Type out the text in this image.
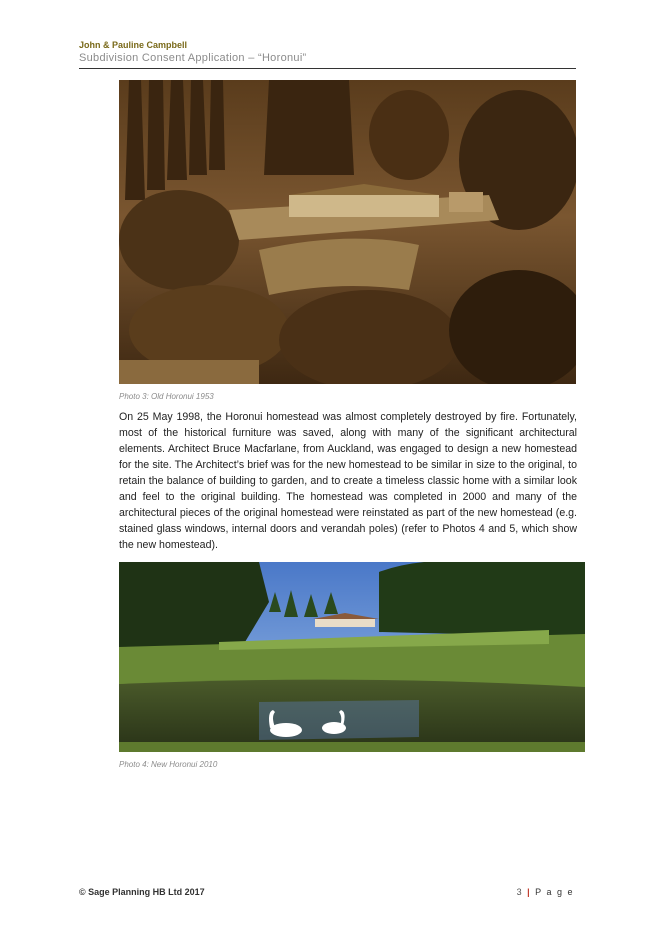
John & Pauline Campbell
Subdivision Consent Application – “Horonui”
Photo 3: Old Horonui 1953
On 25 May 1998, the Horonui homestead was almost completely destroyed by fire. Fortunately, most of the historical furniture was saved, along with many of the significant architectural elements. Architect Bruce Macfarlane, from Auckland, was engaged to design a new homestead for the site. The Architect’s brief was for the new homestead to be similar in size to the original, to retain the balance of building to garden, and to create a timeless classic home with a similar look and feel to the original building. The homestead was completed in 2000 and many of the architectural pieces of the original homestead were reinstated as part of the new homestead (e.g. stained glass windows, internal doors and verandah poles) (refer to Photos 4 and 5, which show the new homestead).
Photo 4: New Horonui 2010
© Sage Planning HB Ltd 2017	3 | P a g e
